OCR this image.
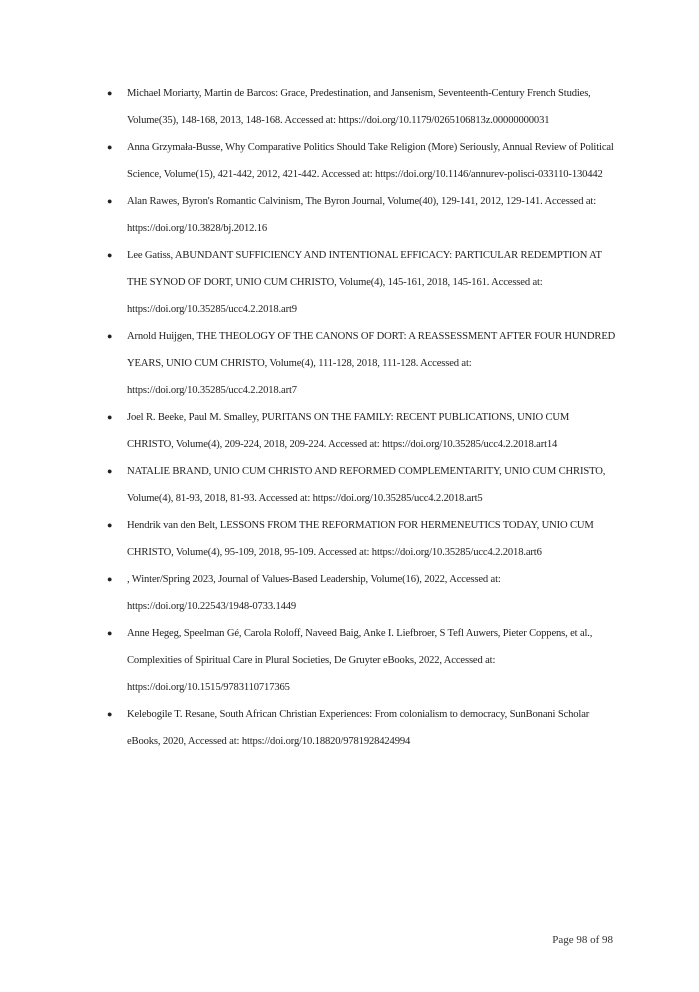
● Michael Moriarty, Martin de Barcos: Grace, Predestination, and Jansenism, Seventeenth-Century French Studies, Volume(35), 148-168, 2013, 148-168. Accessed at: https://doi.org/10.1179/0265106813z.00000000031
● Anna Grzymała-Busse, Why Comparative Politics Should Take Religion (More) Seriously, Annual Review of Political Science, Volume(15), 421-442, 2012, 421-442. Accessed at: https://doi.org/10.1146/annurev-polisci-033110-130442
● Alan Rawes, Byron's Romantic Calvinism, The Byron Journal, Volume(40), 129-141, 2012, 129-141. Accessed at: https://doi.org/10.3828/bj.2012.16
● Lee Gatiss, ABUNDANT SUFFICIENCY AND INTENTIONAL EFFICACY: PARTICULAR REDEMPTION AT THE SYNOD OF DORT, UNIO CUM CHRISTO, Volume(4), 145-161, 2018, 145-161. Accessed at: https://doi.org/10.35285/ucc4.2.2018.art9
● Arnold Huijgen, THE THEOLOGY OF THE CANONS OF DORT: A REASSESSMENT AFTER FOUR HUNDRED YEARS, UNIO CUM CHRISTO, Volume(4), 111-128, 2018, 111-128. Accessed at: https://doi.org/10.35285/ucc4.2.2018.art7
● Joel R. Beeke, Paul M. Smalley, PURITANS ON THE FAMILY: RECENT PUBLICATIONS, UNIO CUM CHRISTO, Volume(4), 209-224, 2018, 209-224. Accessed at: https://doi.org/10.35285/ucc4.2.2018.art14
● NATALIE BRAND, UNIO CUM CHRISTO AND REFORMED COMPLEMENTARITY, UNIO CUM CHRISTO, Volume(4), 81-93, 2018, 81-93. Accessed at: https://doi.org/10.35285/ucc4.2.2018.art5
● Hendrik van den Belt, LESSONS FROM THE REFORMATION FOR HERMENEUTICS TODAY, UNIO CUM CHRISTO, Volume(4), 95-109, 2018, 95-109. Accessed at: https://doi.org/10.35285/ucc4.2.2018.art6
● , Winter/Spring 2023, Journal of Values-Based Leadership, Volume(16), 2022, Accessed at: https://doi.org/10.22543/1948-0733.1449
● Anne Hegeg, Speelman Gé, Carola Roloff, Naveed Baig, Anke I. Liefbroer, S Tefl Auwers, Pieter Coppens, et al., Complexities of Spiritual Care in Plural Societies, De Gruyter eBooks, 2022, Accessed at: https://doi.org/10.1515/9783110717365
● Kelebogile T. Resane, South African Christian Experiences: From colonialism to democracy, SunBonani Scholar eBooks, 2020, Accessed at: https://doi.org/10.18820/9781928424994
Page 98 of 98
